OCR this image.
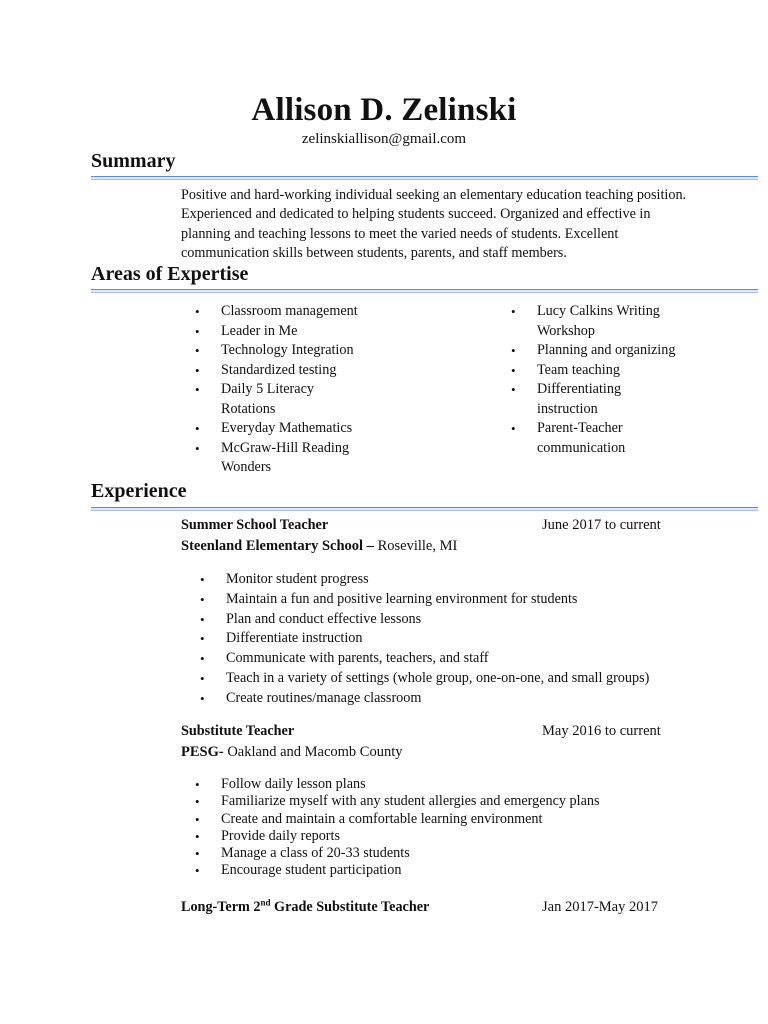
Allison D. Zelinski
zelinskiallison@gmail.com
Summary
Positive and hard-working individual seeking an elementary education teaching position. Experienced and dedicated to helping students succeed. Organized and effective in planning and teaching lessons to meet the varied needs of students. Excellent communication skills between students, parents, and staff members.
Areas of Expertise
• Classroom management
• Leader in Me
• Technology Integration
• Standardized testing
• Daily 5 Literacy Rotations
• Everyday Mathematics
• McGraw-Hill Reading Wonders
• Lucy Calkins Writing Workshop
• Planning and organizing
• Team teaching
• Differentiating instruction
• Parent-Teacher communication
Experience
Summer School Teacher	June 2017 to current
Steenland Elementary School – Roseville, MI
• Monitor student progress
• Maintain a fun and positive learning environment for students
• Plan and conduct effective lessons
• Differentiate instruction
• Communicate with parents, teachers, and staff
• Teach in a variety of settings (whole group, one-on-one, and small groups)
• Create routines/manage classroom
Substitute Teacher	May 2016 to current
PESG- Oakland and Macomb County
• Follow daily lesson plans
• Familiarize myself with any student allergies and emergency plans
• Create and maintain a comfortable learning environment
• Provide daily reports
• Manage a class of 20-33 students
• Encourage student participation
Long-Term 2nd Grade Substitute Teacher	Jan 2017-May 2017
